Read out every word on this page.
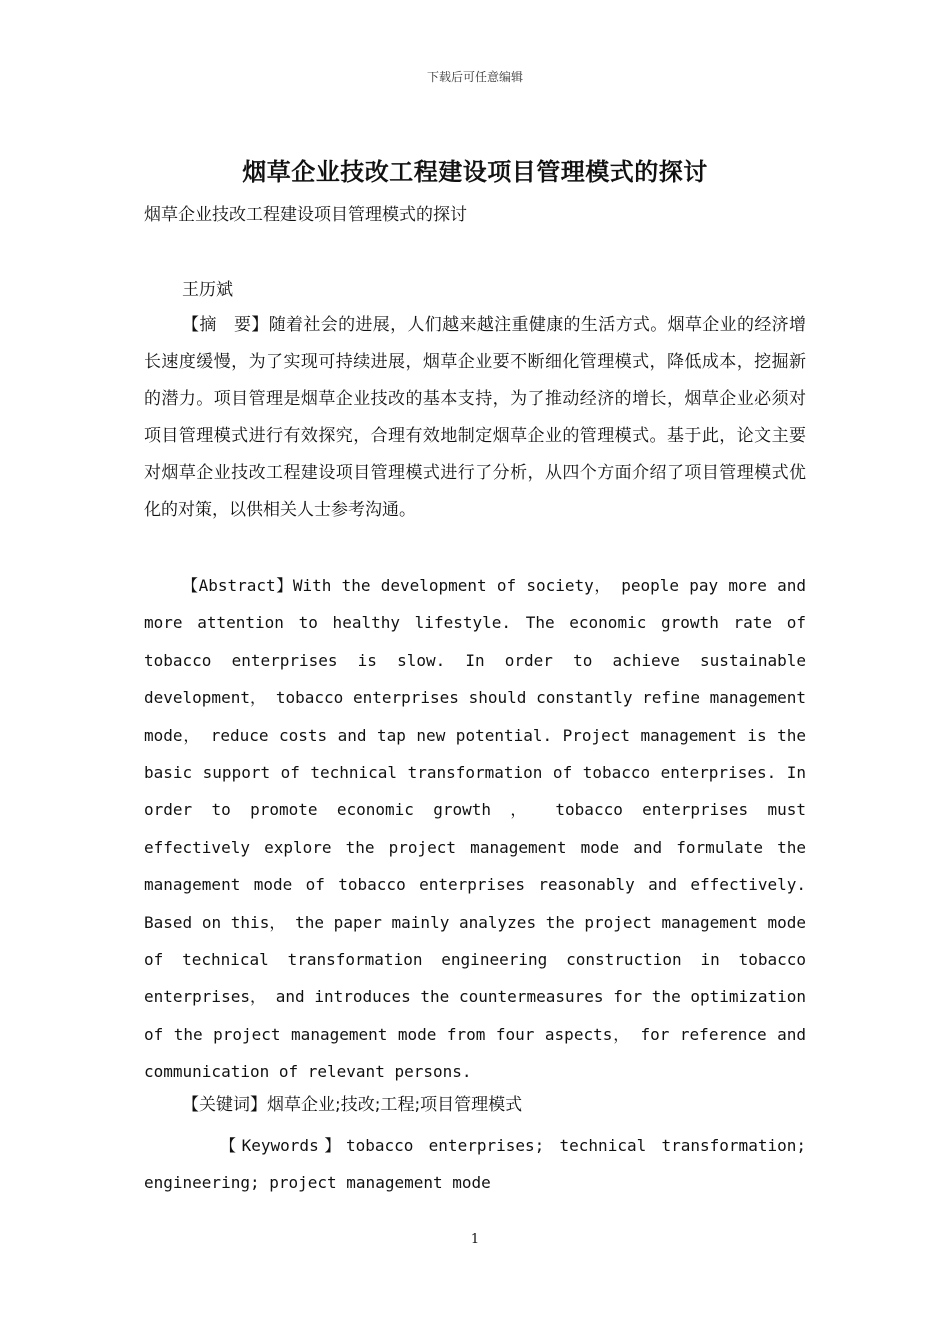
下载后可任意编辑
烟草企业技改工程建设项目管理模式的探讨
烟草企业技改工程建设项目管理模式的探讨
王历斌
【摘　要】随着社会的进展，人们越来越注重健康的生活方式。烟草企业的经济增长速度缓慢，为了实现可持续进展，烟草企业要不断细化管理模式，降低成本，挖掘新的潜力。项目管理是烟草企业技改的基本支持，为了推动经济的增长，烟草企业必须对项目管理模式进行有效探究，合理有效地制定烟草企业的管理模式。基于此，论文主要对烟草企业技改工程建设项目管理模式进行了分析，从四个方面介绍了项目管理模式优化的对策，以供相关人士参考沟通。
【Abstract】With the development of society， people pay more and more attention to healthy lifestyle. The economic growth rate of tobacco enterprises is slow. In order to achieve sustainable development， tobacco enterprises should constantly refine management mode， reduce costs and tap new potential. Project management is the basic support of technical transformation of tobacco enterprises. In order to promote economic growth ， tobacco enterprises must effectively explore the project management mode and formulate the management mode of tobacco enterprises reasonably and effectively. Based on this， the paper mainly analyzes the project management mode of technical transformation engineering construction in tobacco enterprises， and introduces the countermeasures for the optimization of the project management mode from four aspects， for reference and communication of relevant persons.
【关键词】烟草企业;技改;工程;项目管理模式
【Keywords】tobacco enterprises; technical transformation; engineering; project management mode
1
